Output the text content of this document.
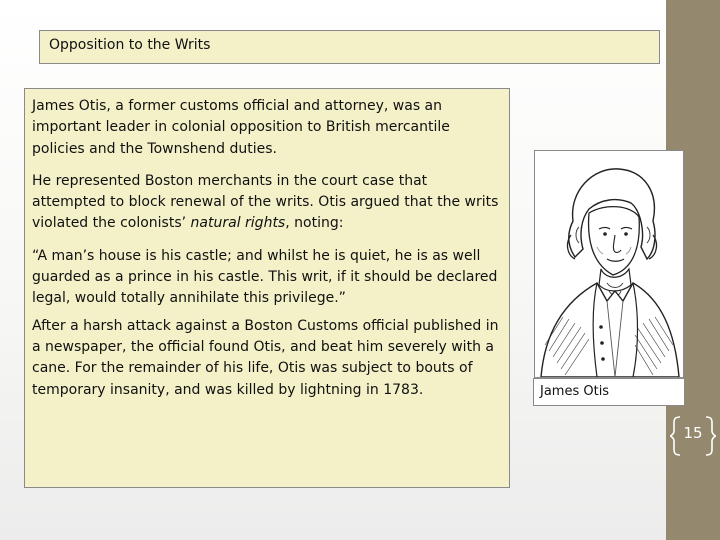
Opposition to the Writs

James Otis, a former customs official and attorney, was an important leader in colonial opposition to British mercantile policies and the Townshend duties.

He represented Boston merchants in the court case that attempted to block renewal of the writs. Otis argued that the writs violated the colonists’ natural rights, noting:

“A man’s house is his castle; and whilst he is quiet, he is as well guarded as a prince in his castle. This writ, if it should be declared legal, would totally annihilate this privilege.”

After a harsh attack against a Boston Customs official published in a newspaper, the official found Otis, and beat him severely with a cane. For the remainder of his life, Otis was subject to bouts of temporary insanity, and was killed by lightning in 1783.	James Otis
15
